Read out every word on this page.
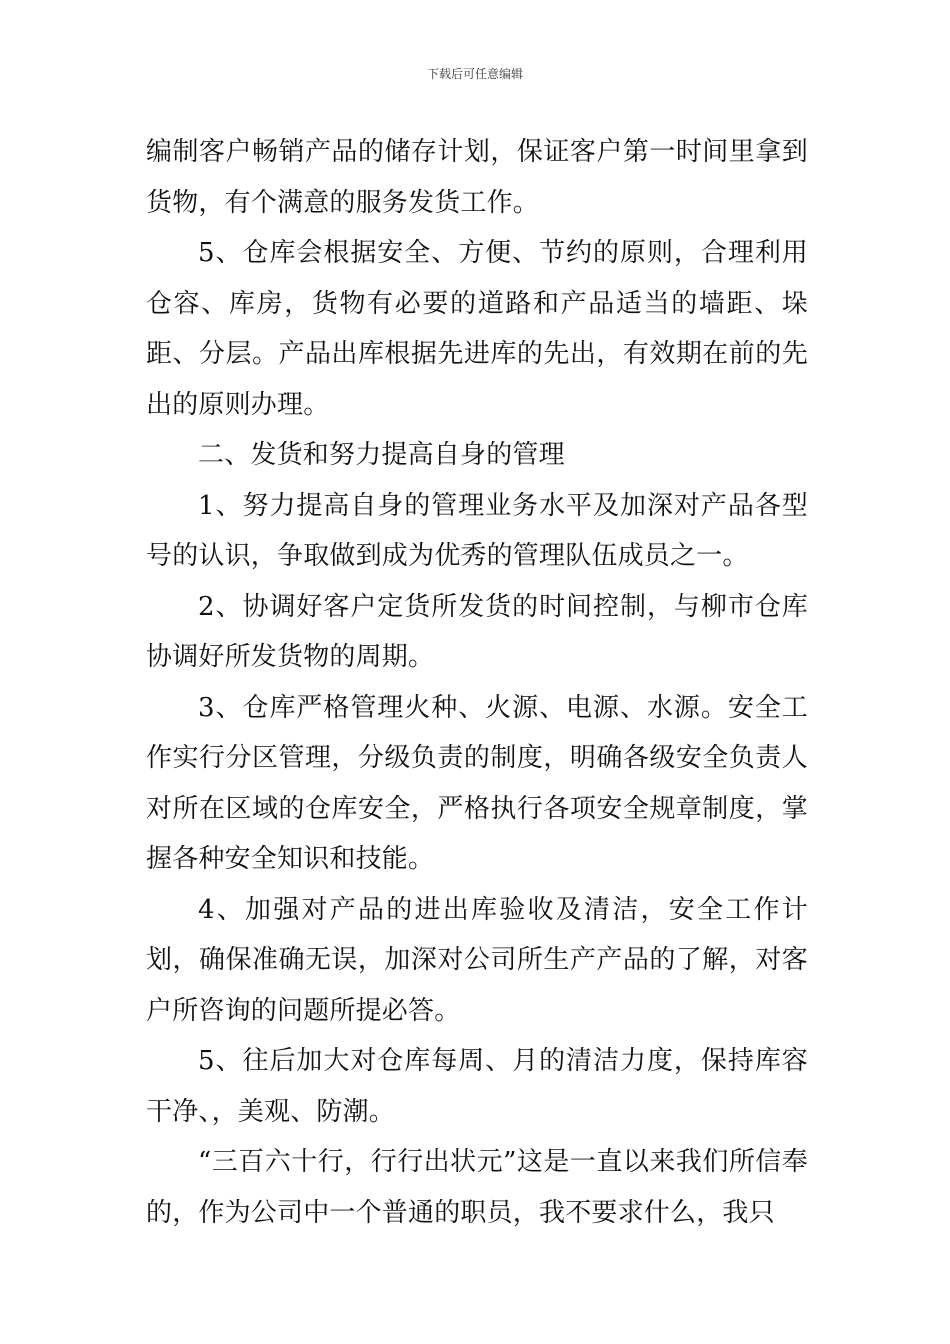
下载后可任意编辑

编制客户畅销产品的储存计划，保证客户第一时间里拿到货物，有个满意的服务发货工作。

5、仓库会根据安全、方便、节约的原则，合理利用仓容、库房，货物有必要的道路和产品适当的墙距、垛距、分层。产品出库根据先进库的先出，有效期在前的先出的原则办理。

二、发货和努力提高自身的管理

1、努力提高自身的管理业务水平及加深对产品各型号的认识，争取做到成为优秀的管理队伍成员之一。

2、协调好客户定货所发货的时间控制，与柳市仓库协调好所发货物的周期。

3、仓库严格管理火种、火源、电源、水源。安全工作实行分区管理，分级负责的制度，明确各级安全负责人对所在区域的仓库安全，严格执行各项安全规章制度，掌握各种安全知识和技能。

4、加强对产品的进出库验收及清洁，安全工作计划，确保准确无误，加深对公司所生产产品的了解，对客户所咨询的问题所提必答。

5、往后加大对仓库每周、月的清洁力度，保持库容干净、，美观、防潮。

“三百六十行，行行出状元”这是一直以来我们所信奉的，作为公司中一个普通的职员，我不要求什么，我只
